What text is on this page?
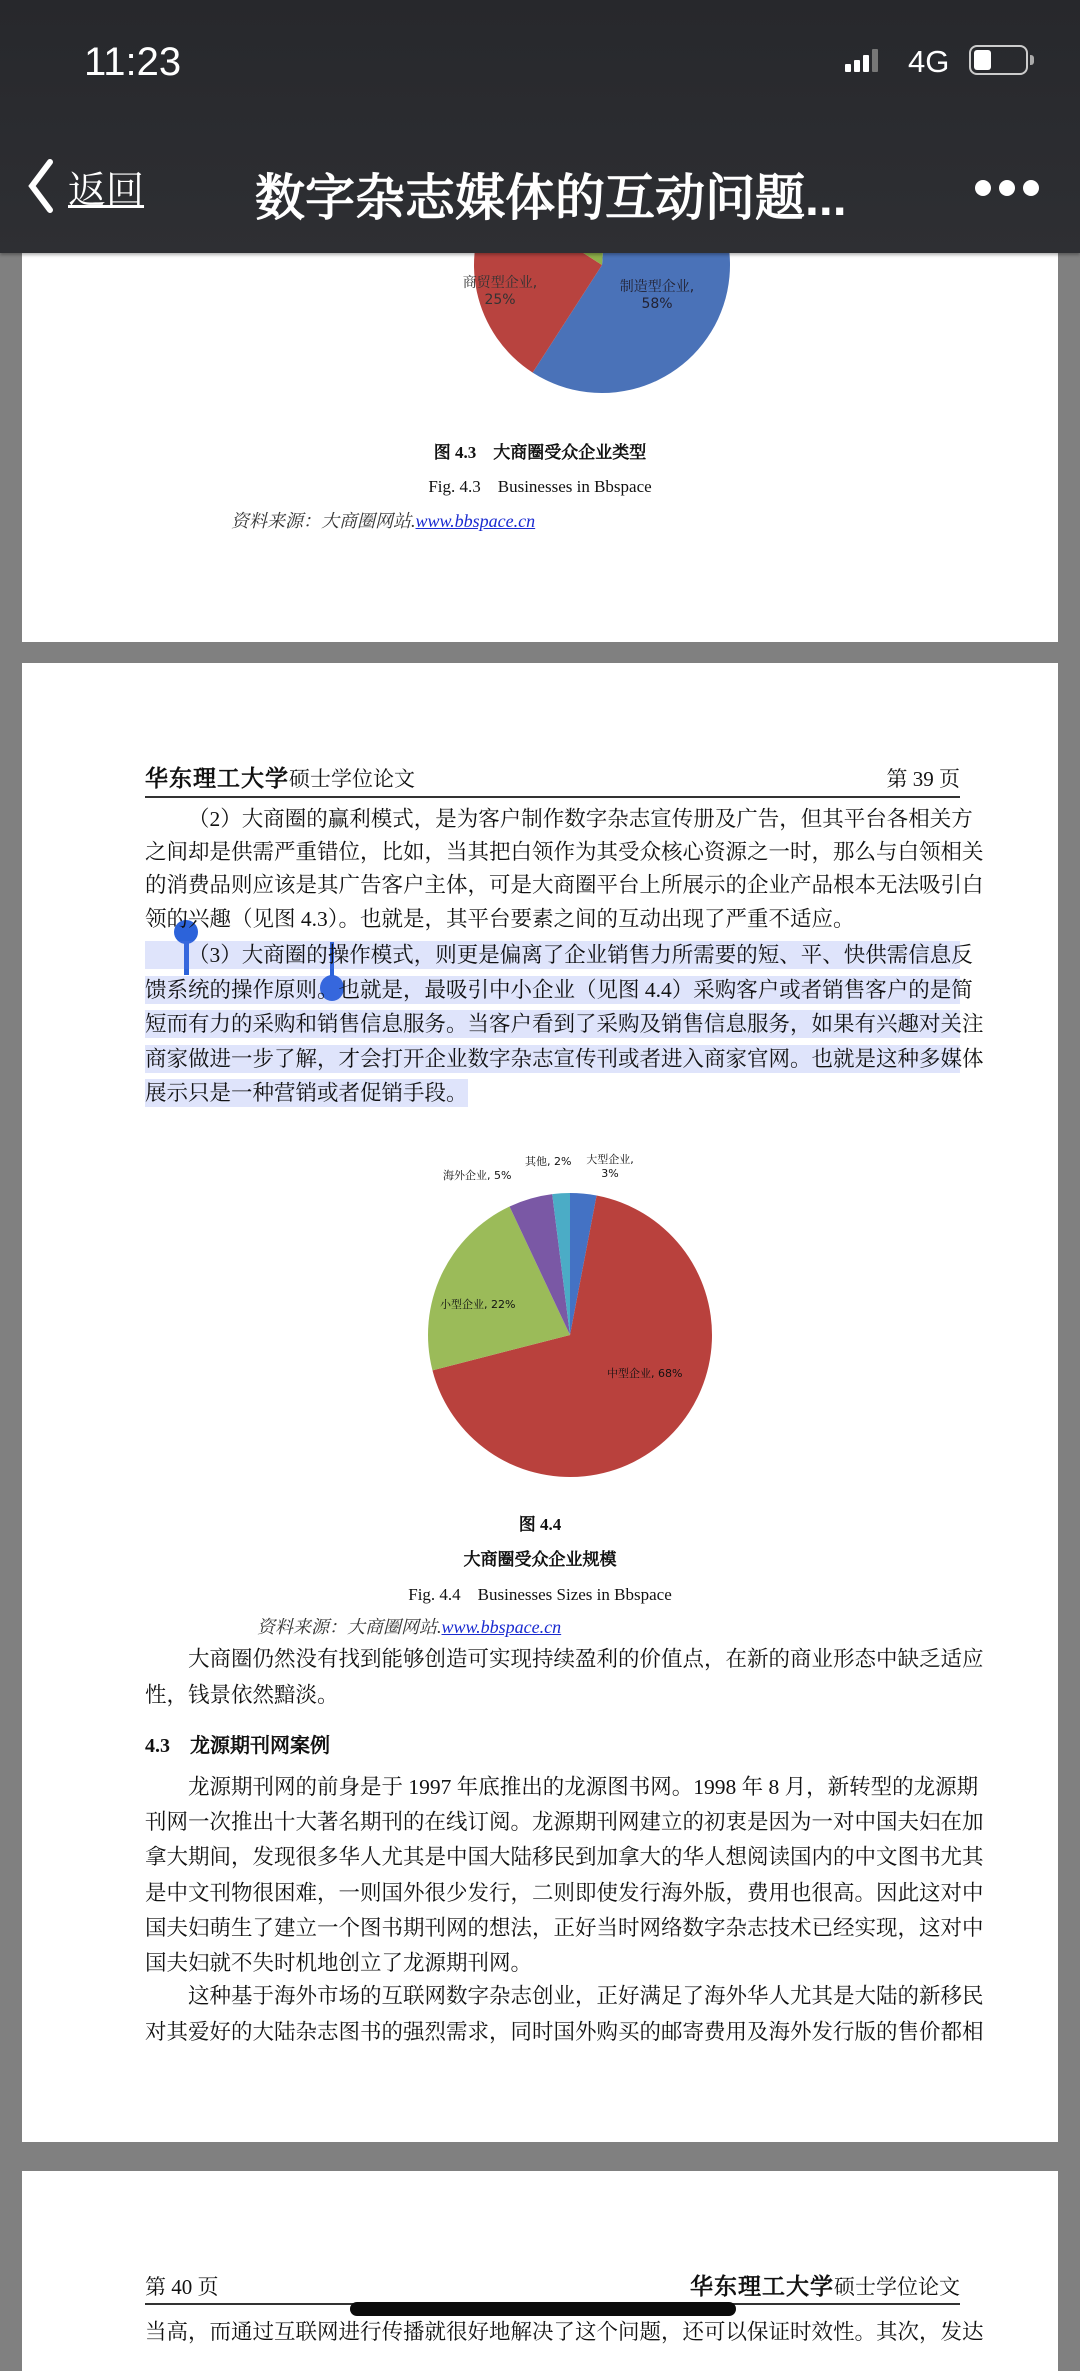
商贸型企业, 25%
制造型企业, 58%
图 4.3　大商圈受众企业类型
Fig. 4.3　Businesses in Bbspace
资料来源：大商圈网站.www.bbspace.cn
华东理工大学硕士学位论文	第 39 页
（2）大商圈的赢利模式，是为客户制作数字杂志宣传册及广告，但其平台各相关方
之间却是供需严重错位，比如，当其把白领作为其受众核心资源之一时，那么与白领相关
的消费品则应该是其广告客户主体，可是大商圈平台上所展示的企业产品根本无法吸引白
领的兴趣（见图 4.3）。也就是，其平台要素之间的互动出现了严重不适应。
（3）大商圈的操作模式，则更是偏离了企业销售力所需要的短、平、快供需信息反
馈系统的操作原则。也就是，最吸引中小企业（见图 4.4）采购客户或者销售客户的是简
短而有力的采购和销售信息服务。当客户看到了采购及销售信息服务，如果有兴趣对关注
商家做进一步了解，才会打开企业数字杂志宣传刊或者进入商家官网。也就是这种多媒体
展示只是一种营销或者促销手段。
其他, 2%	大型企业, 3%
海外企业, 5%
小型企业, 22%
中型企业, 68%
图 4.4
大商圈受众企业规模
Fig. 4.4　Businesses Sizes in Bbspace
资料来源：大商圈网站.www.bbspace.cn
大商圈仍然没有找到能够创造可实现持续盈利的价值点，在新的商业形态中缺乏适应
性，钱景依然黯淡。
4.3　龙源期刊网案例
龙源期刊网的前身是于 1997 年底推出的龙源图书网。1998 年 8 月，新转型的龙源期
刊网一次推出十大著名期刊的在线订阅。龙源期刊网建立的初衷是因为一对中国夫妇在加
拿大期间，发现很多华人尤其是中国大陆移民到加拿大的华人想阅读国内的中文图书尤其
是中文刊物很困难，一则国外很少发行，二则即使发行海外版，费用也很高。因此这对中
国夫妇萌生了建立一个图书期刊网的想法，正好当时网络数字杂志技术已经实现，这对中
国夫妇就不失时机地创立了龙源期刊网。
这种基于海外市场的互联网数字杂志创业，正好满足了海外华人尤其是大陆的新移民
对其爱好的大陆杂志图书的强烈需求，同时国外购买的邮寄费用及海外发行版的售价都相
第 40 页	华东理工大学硕士学位论文
当高，而通过互联网进行传播就很好地解决了这个问题，还可以保证时效性。其次，发达
11:23	4G
返回 数字杂志媒体的互动问题...
